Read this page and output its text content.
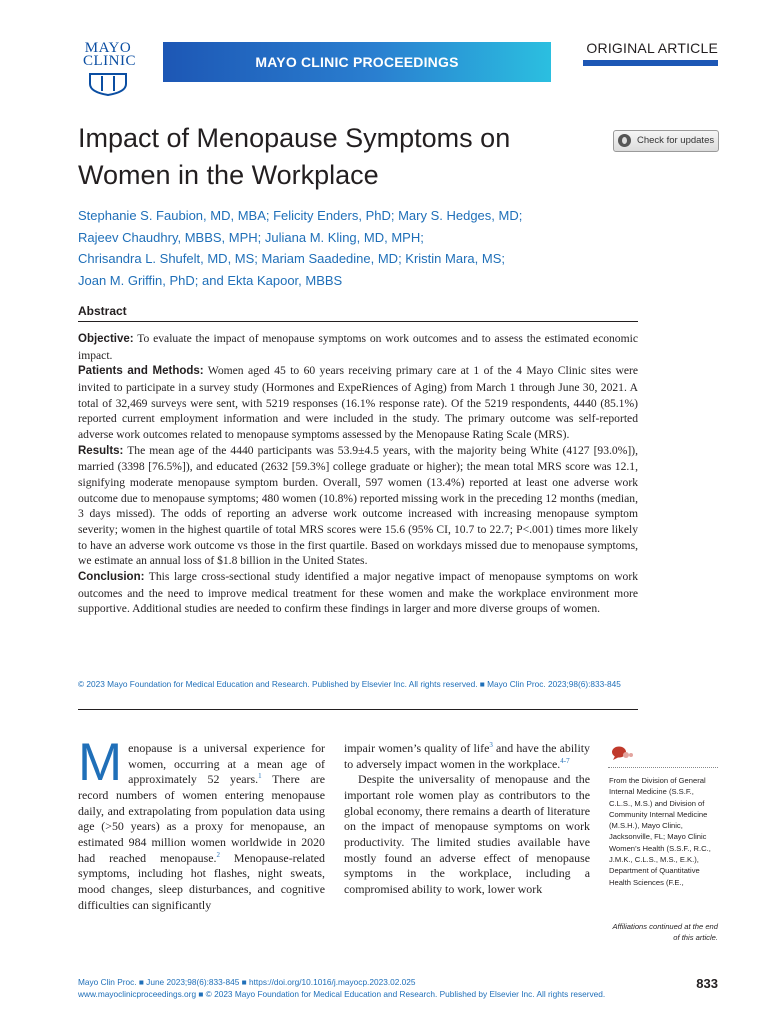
MAYO CLINIC	MAYO CLINIC PROCEEDINGS
ORIGINAL ARTICLE
Impact of Menopause Symptoms on Women in the Workplace
Check for updates
Stephanie S. Faubion, MD, MBA; Felicity Enders, PhD; Mary S. Hedges, MD;
Rajeev Chaudhry, MBBS, MPH; Juliana M. Kling, MD, MPH;
Chrisandra L. Shufelt, MD, MS; Mariam Saadedine, MD; Kristin Mara, MS;
Joan M. Griffin, PhD; and Ekta Kapoor, MBBS
Abstract

Objective: To evaluate the impact of menopause symptoms on work outcomes and to assess the estimated economic impact.

Patients and Methods: Women aged 45 to 60 years receiving primary care at 1 of the 4 Mayo Clinic sites were invited to participate in a survey study (Hormones and ExpeRiences of Aging) from March 1 through June 30, 2021. A total of 32,469 surveys were sent, with 5219 responses (16.1% response rate). Of the 5219 respondents, 4440 (85.1%) reported current employment information and were included in the study. The primary outcome was self-reported adverse work outcomes related to menopause symptoms assessed by the Menopause Rating Scale (MRS).

Results: The mean age of the 4440 participants was 53.9±4.5 years, with the majority being White (4127 [93.0%]), married (3398 [76.5%]), and educated (2632 [59.3%] college graduate or higher); the mean total MRS score was 12.1, signifying moderate menopause symptom burden. Overall, 597 women (13.4%) reported at least one adverse work outcome due to menopause symptoms; 480 women (10.8%) reported missing work in the preceding 12 months (median, 3 days missed). The odds of reporting an adverse work outcome increased with increasing menopause symptom severity; women in the highest quartile of total MRS scores were 15.6 (95% CI, 10.7 to 22.7; P<.001) times more likely to have an adverse work outcome vs those in the first quartile. Based on workdays missed due to menopause symptoms, we estimate an annual loss of $1.8 billion in the United States.

Conclusion: This large cross-sectional study identified a major negative impact of menopause symptoms on work outcomes and the need to improve medical treatment for these women and make the workplace environment more supportive. Additional studies are needed to confirm these findings in larger and more diverse groups of women.

© 2023 Mayo Foundation for Medical Education and Research. Published by Elsevier Inc. All rights reserved. ■ Mayo Clin Proc. 2023;98(6):833-845
Menopause is a universal experience for women, occurring at a mean age of approximately 52 years.$^1$ There are record numbers of women entering menopause daily, and extrapolating from population data using age (>50 years) as a proxy for menopause, an estimated 984 million women worldwide in 2020 had reached menopause.$^2$ Menopause-related symptoms, including hot flashes, night sweats, mood changes, sleep disturbances, and cognitive difficulties can significantly

impair women’s quality of life$^3$ and have the ability to adversely impact women in the workplace.$^{4-7}$

Despite the universality of menopause and the important role women play as contributors to the global economy, there remains a dearth of literature on the impact of menopause symptoms on work productivity. The limited studies available have mostly found an adverse effect of menopause symptoms in the workplace, including a compromised ability to work, lower work

From the Division of General Internal Medicine (S.S.F., C.L.S., M.S.) and Division of Community Internal Medicine (M.S.H.), Mayo Clinic, Jacksonville, FL; Mayo Clinic Women’s Health (S.S.F., R.C., J.M.K., C.L.S., M.S., E.K.), Department of Quantitative Health Sciences (F.E.,
Affiliations continued at the end of this article.
Mayo Clin Proc. ■ June 2023;98(6):833-845 ■ https://doi.org/10.1016/j.mayocp.2023.02.025
www.mayoclinicproceedings.org ■ © 2023 Mayo Foundation for Medical Education and Research. Published by Elsevier Inc. All rights reserved.
833
